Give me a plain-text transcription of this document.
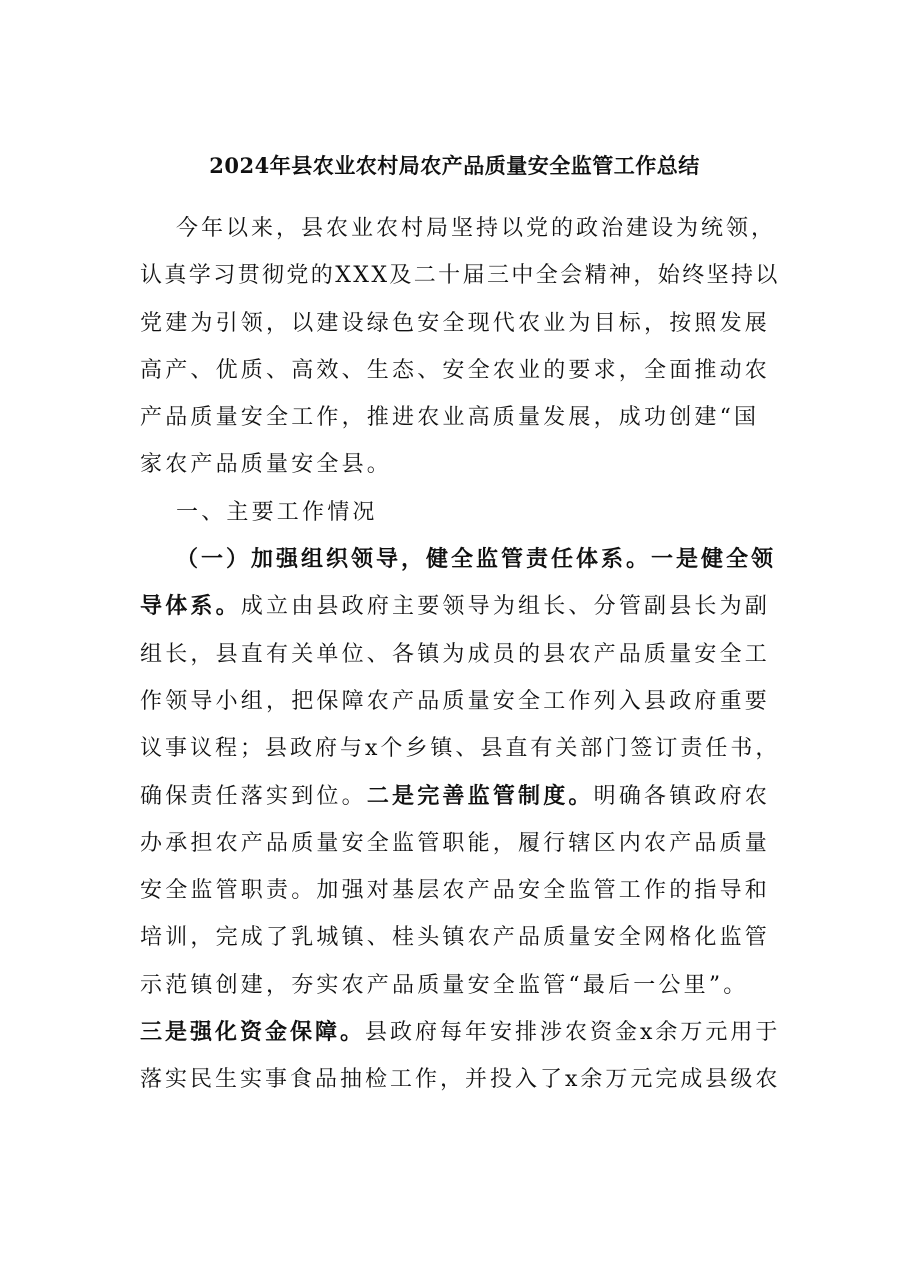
2024年县农业农村局农产品质量安全监管工作总结
今年以来，县农业农村局坚持以党的政治建设为统领，
认真学习贯彻党的XXX及二十届三中全会精神，始终坚持以
党建为引领，以建设绿色安全现代农业为目标，按照发展
高产、优质、高效、生态、安全农业的要求，全面推动农
产品质量安全工作，推进农业高质量发展，成功创建“国
家农产品质量安全县。
一、主要工作情况
（一）加强组织领导，健全监管责任体系。一是健全领
导体系。成立由县政府主要领导为组长、分管副县长为副
组长，县直有关单位、各镇为成员的县农产品质量安全工
作领导小组，把保障农产品质量安全工作列入县政府重要
议事议程；县政府与x个乡镇、县直有关部门签订责任书，
确保责任落实到位。二是完善监管制度。明确各镇政府农
办承担农产品质量安全监管职能，履行辖区内农产品质量
安全监管职责。加强对基层农产品安全监管工作的指导和
培训，完成了乳城镇、桂头镇农产品质量安全网格化监管
示范镇创建，夯实农产品质量安全监管“最后一公里”。
三是强化资金保障。县政府每年安排涉农资金x余万元用于
落实民生实事食品抽检工作，并投入了x余万元完成县级农
